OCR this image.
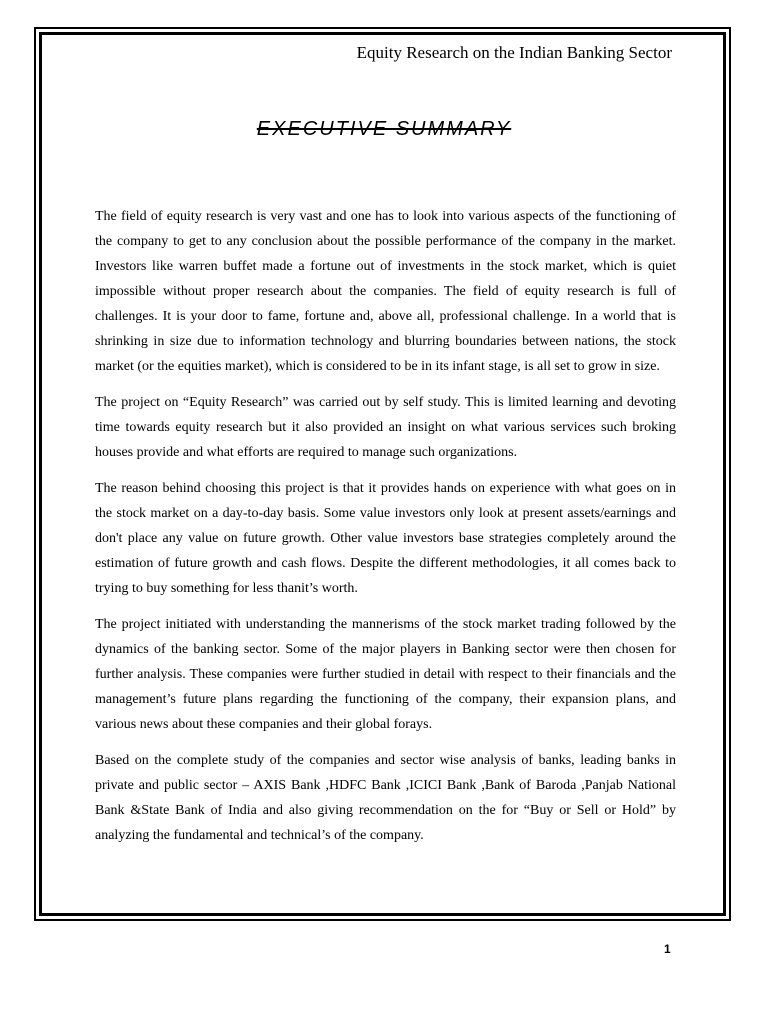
Equity Research on the Indian Banking Sector

EXECUTIVE SUMMARY

The field of equity research is very vast and one has to look into various aspects of the functioning of the company to get to any conclusion about the possible performance of the company in the market. Investors like warren buffet made a fortune out of investments in the stock market, which is quiet impossible without proper research about the companies. The field of equity research is full of challenges. It is your door to fame, fortune and, above all, professional challenge. In a world that is shrinking in size due to information technology and blurring boundaries between nations, the stock market (or the equities market), which is considered to be in its infant stage, is all set to grow in size.

The project on “Equity Research” was carried out by self study. This is limited learning and devoting time towards equity research but it also provided an insight on what various services such broking houses provide and what efforts are required to manage such organizations.

The reason behind choosing this project is that it provides hands on experience with what goes on in the stock market on a day-to-day basis. Some value investors only look at present assets/earnings and don't place any value on future growth. Other value investors base strategies completely around the estimation of future growth and cash flows. Despite the different methodologies, it all comes back to trying to buy something for less thanit’s worth.

The project initiated with understanding the mannerisms of the stock market trading followed by the dynamics of the banking sector. Some of the major players in Banking sector were then chosen for further analysis. These companies were further studied in detail with respect to their financials and the management’s future plans regarding the functioning of the company, their expansion plans, and various news about these companies and their global forays.

Based on the complete study of the companies and sector wise analysis of banks, leading banks in private and public sector – AXIS Bank ,HDFC Bank ,ICICI Bank ,Bank of Baroda ,Panjab National Bank &State Bank of India and also giving recommendation on the for “Buy or Sell or Hold” by analyzing the fundamental and technical’s of the company.

1
